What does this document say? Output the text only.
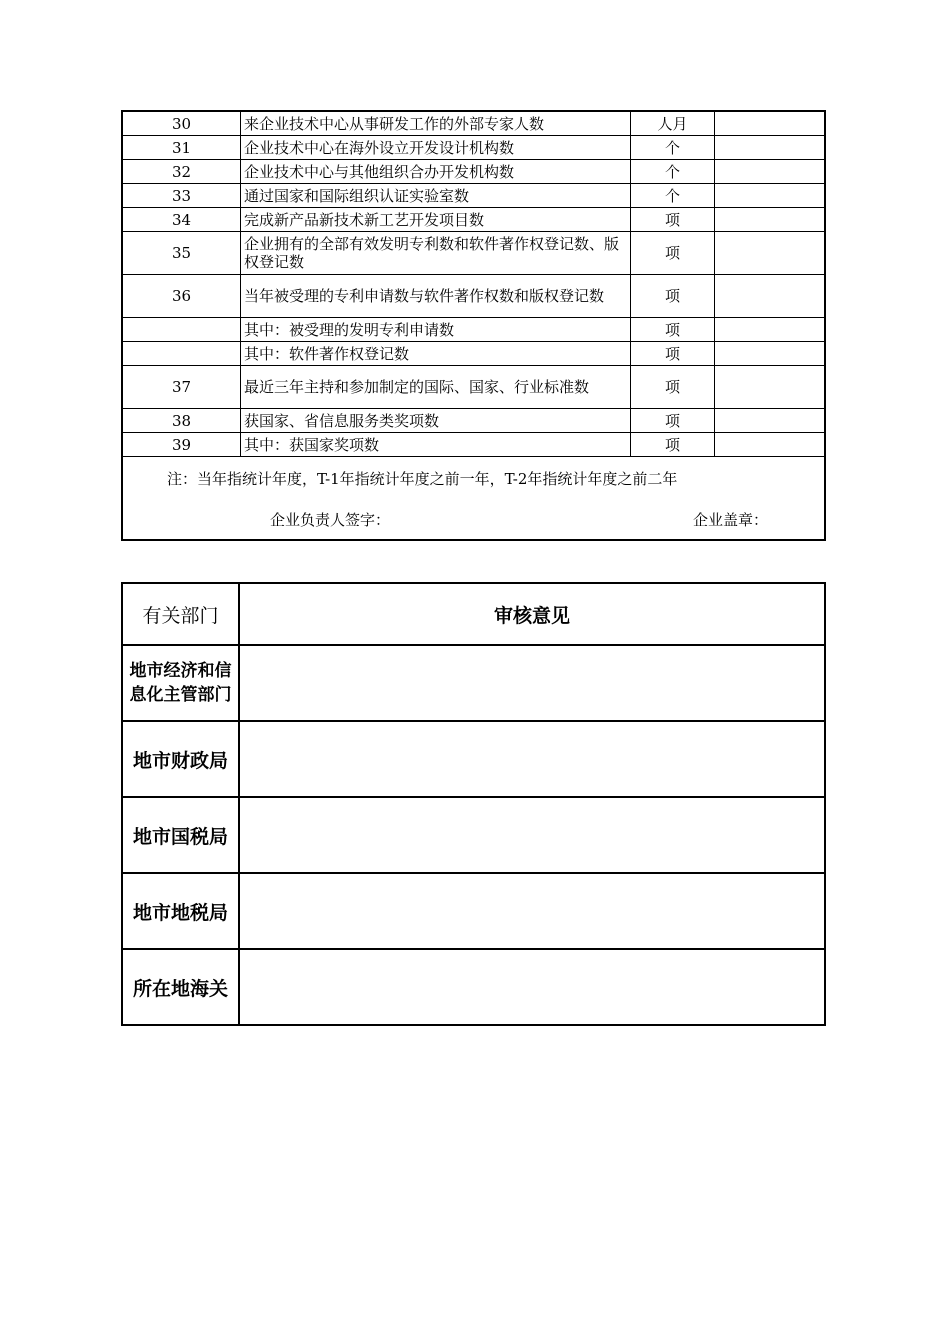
30	来企业技术中心从事研发工作的外部专家人数	人月	
31	企业技术中心在海外设立开发设计机构数	个	
32	企业技术中心与其他组织合办开发机构数	个	
33	通过国家和国际组织认证实验室数	个	
34	完成新产品新技术新工艺开发项目数	项	
35	企业拥有的全部有效发明专利数和软件著作权登记数、版权登记数	项	
36	当年被受理的专利申请数与软件著作权数和版权登记数	项	
	其中：被受理的发明专利申请数	项	
	其中：软件著作权登记数	项	
37	最近三年主持和参加制定的国际、国家、行业标准数	项	
38	获国家、省信息服务类奖项数	项	
39	其中：获国家奖项数	项	

注：当年指统计年度，T-1年指统计年度之前一年，T-2年指统计年度之前二年
企业负责人签字： 企业盖章：			
有关部门	审核意见
地市经济和信息化主管部门	
地市财政局	
地市国税局	
地市地税局	
所在地海关	
